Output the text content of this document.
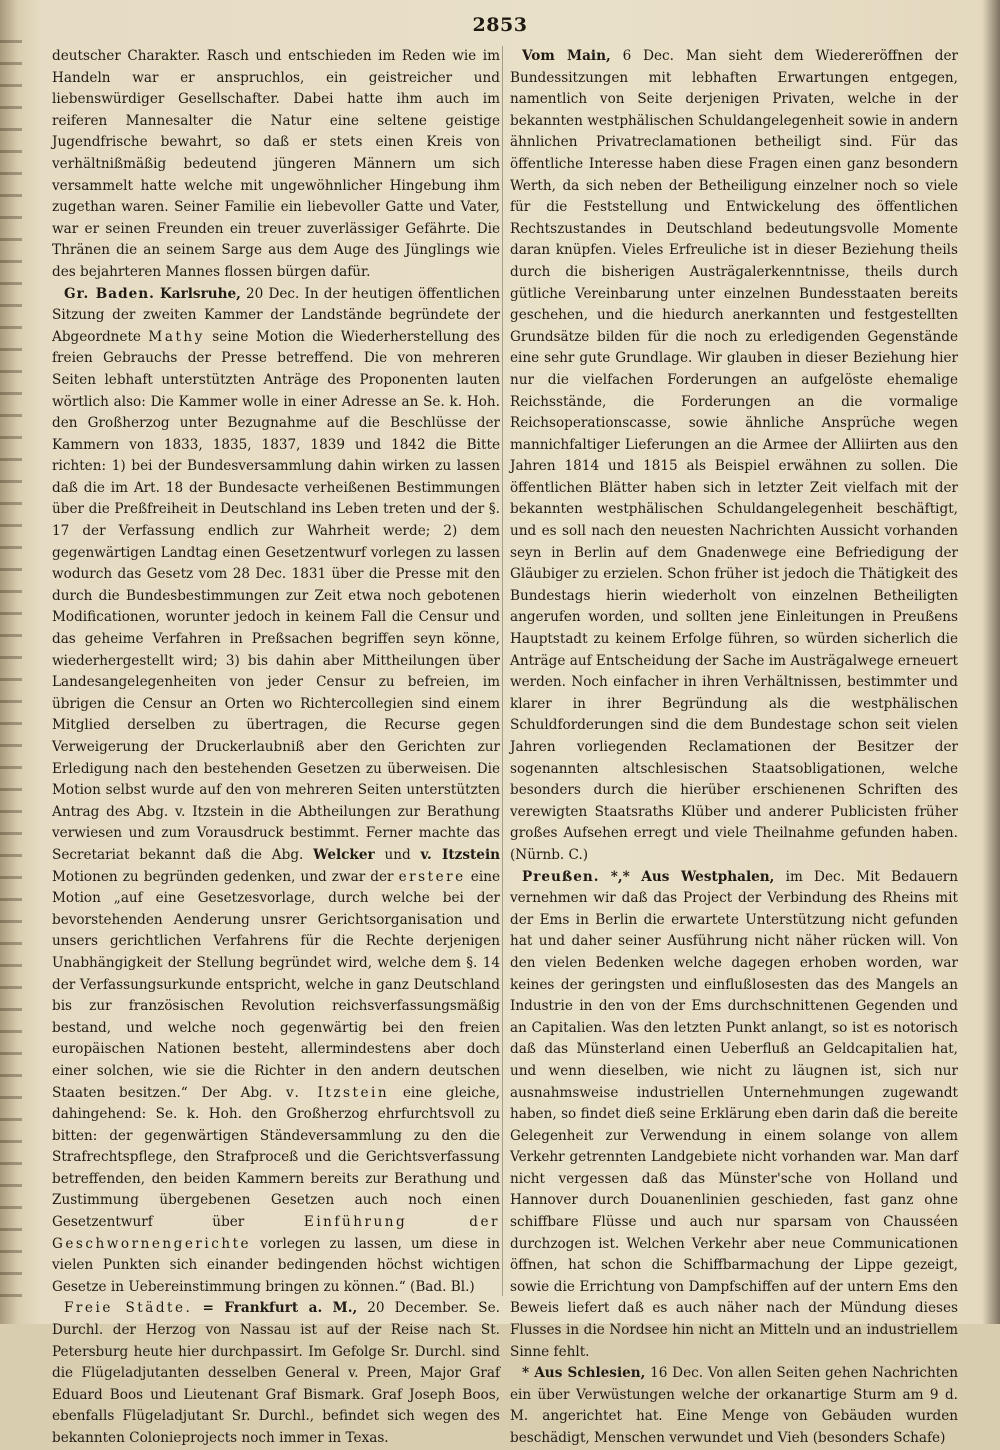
2853

deutscher Charakter. Rasch und entschieden im Reden wie im Handeln war er anspruchlos, ein geistreicher und liebenswürdiger Gesellschafter. Dabei hatte ihm auch im reiferen Mannesalter die Natur eine seltene geistige Jugendfrische bewahrt, so daß er stets einen Kreis von verhältnißmäßig bedeutend jüngeren Männern um sich versammelt hatte welche mit ungewöhnlicher Hingebung ihm zugethan waren. Seiner Familie ein liebevoller Gatte und Vater, war er seinen Freunden ein treuer zuverlässiger Gefährte. Die Thränen die an seinem Sarge aus dem Auge des Jünglings wie des bejahrteren Mannes flossen bürgen dafür.

Gr. Baden. Karlsruhe, 20 Dec. In der heutigen öffentlichen Sitzung der zweiten Kammer der Landstände begründete der Abgeordnete Mathy seine Motion die Wiederherstellung des freien Gebrauchs der Presse betreffend. Die von mehreren Seiten lebhaft unterstützten Anträge des Proponenten lauten wörtlich also: Die Kammer wolle in einer Adresse an Se. k. Hoh. den Großherzog unter Bezugnahme auf die Beschlüsse der Kammern von 1833, 1835, 1837, 1839 und 1842 die Bitte richten: 1) bei der Bundesversammlung dahin wirken zu lassen daß die im Art. 18 der Bundesacte verheißenen Bestimmungen über die Preßfreiheit in Deutschland ins Leben treten und der §. 17 der Verfassung endlich zur Wahrheit werde; 2) dem gegenwärtigen Landtag einen Gesetzentwurf vorlegen zu lassen wodurch das Gesetz vom 28 Dec. 1831 über die Presse mit den durch die Bundesbestimmungen zur Zeit etwa noch gebotenen Modificationen, worunter jedoch in keinem Fall die Censur und das geheime Verfahren in Preßsachen begriffen seyn könne, wiederhergestellt wird; 3) bis dahin aber Mittheilungen über Landesangelegenheiten von jeder Censur zu befreien, im übrigen die Censur an Orten wo Richtercollegien sind einem Mitglied derselben zu übertragen, die Recurse gegen Verweigerung der Druckerlaubniß aber den Gerichten zur Erledigung nach den bestehenden Gesetzen zu überweisen. Die Motion selbst wurde auf den von mehreren Seiten unterstützten Antrag des Abg. v. Itzstein in die Abtheilungen zur Berathung verwiesen und zum Vorausdruck bestimmt. Ferner machte das Secretariat bekannt daß die Abg. Welcker und v. Itzstein Motionen zu begründen gedenken, und zwar der erstere eine Motion „auf eine Gesetzesvorlage, durch welche bei der bevorstehenden Aenderung unsrer Gerichtsorganisation und unsers gerichtlichen Verfahrens für die Rechte derjenigen Unabhängigkeit der Stellung begründet wird, welche dem §. 14 der Verfassungsurkunde entspricht, welche in ganz Deutschland bis zur französischen Revolution reichsverfassungsmäßig bestand, und welche noch gegenwärtig bei den freien europäischen Nationen besteht, allermindestens aber doch einer solchen, wie sie die Richter in den andern deutschen Staaten besitzen.“ Der Abg. v. Itzstein eine gleiche, dahingehend: Se. k. Hoh. den Großherzog ehrfurchtsvoll zu bitten: der gegenwärtigen Ständeversammlung zu den die Strafrechtspflege, den Strafproceß und die Gerichtsverfassung betreffenden, den beiden Kammern bereits zur Berathung und Zustimmung übergebenen Gesetzen auch noch einen Gesetzentwurf über	Einführung der Geschwornengerichte vorlegen zu lassen, um diese in vielen Punkten sich einander bedingenden höchst wichtigen Gesetze in Uebereinstimmung bringen zu können.“ (Bad. Bl.)

Freie Städte. = Frankfurt a. M., 20 December. Se. Durchl. der Herzog von Nassau ist auf der Reise nach St. Petersburg heute hier durchpassirt. Im Gefolge Sr. Durchl. sind die Flügeladjutanten desselben General v. Preen, Major Graf Eduard Boos und Lieutenant Graf Bismark. Graf Joseph Boos, ebenfalls Flügeladjutant Sr. Durchl., befindet sich wegen des bekannten Colonieprojects noch immer in Texas.

Vom Main, 6 Dec. Man sieht dem Wiedereröffnen der Bundessitzungen mit lebhaften Erwartungen entgegen, namentlich von Seite derjenigen Privaten, welche in der bekannten westphälischen Schuldangelegenheit sowie in andern ähnlichen Privatreclamationen betheiligt sind. Für das öffentliche Interesse haben diese Fragen einen ganz besondern Werth, da sich neben der Betheiligung einzelner noch so viele für die Feststellung und Entwickelung des öffentlichen Rechtszustandes in Deutschland bedeutungsvolle Momente daran knüpfen. Vieles Erfreuliche ist in dieser Beziehung theils durch die bisherigen Austrägalerkenntnisse, theils durch gütliche Vereinbarung unter einzelnen Bundesstaaten bereits geschehen, und die hiedurch anerkannten und festgestellten Grundsätze bilden für die noch zu erledigenden Gegenstände eine sehr gute Grundlage. Wir glauben in dieser Beziehung hier nur die vielfachen Forderungen an aufgelöste ehemalige Reichsstände, die Forderungen an die vormalige Reichsoperationscasse, sowie ähnliche Ansprüche wegen mannichfaltiger Lieferungen an die Armee der Alliirten aus den Jahren 1814 und 1815 als Beispiel erwähnen zu sollen. Die öffentlichen Blätter haben sich in letzter Zeit vielfach mit der bekannten westphälischen Schuldangelegenheit beschäftigt, und es soll nach den neuesten Nachrichten Aussicht vorhanden seyn in Berlin auf dem Gnadenwege eine Befriedigung der Gläubiger zu erzielen. Schon früher ist jedoch die Thätigkeit des Bundestags hierin wiederholt von einzelnen Betheiligten angerufen worden, und sollten jene Einleitungen in Preußens Hauptstadt zu keinem Erfolge führen, so würden sicherlich die Anträge auf Entscheidung der Sache im Austrägalwege erneuert werden. Noch einfacher in ihren Verhältnissen, bestimmter und klarer in ihrer Begründung als die westphälischen Schuldforderungen sind die dem Bundestage schon seit vielen Jahren vorliegenden Reclamationen der Besitzer der sogenannten altschlesischen Staatsobligationen, welche besonders durch die hierüber erschienenen Schriften des verewigten Staatsraths Klüber und anderer Publicisten früher großes Aufsehen erregt und viele Theilnahme gefunden haben. (Nürnb. C.)

Preußen. *,* Aus Westphalen, im Dec. Mit Bedauern vernehmen wir daß das Project der Verbindung des Rheins mit der Ems in Berlin die erwartete Unterstützung nicht gefunden hat und daher seiner Ausführung nicht näher rücken will. Von den vielen Bedenken welche dagegen erhoben worden, war keines der geringsten und einflußlosesten das des Mangels an Industrie in den von der Ems durchschnittenen Gegenden und an Capitalien. Was den letzten Punkt anlangt, so ist es notorisch daß das Münsterland einen Ueberfluß an Geldcapitalien hat, und wenn dieselben, wie nicht zu läugnen ist, sich nur ausnahmsweise industriellen Unternehmungen zugewandt haben, so findet dieß seine Erklärung eben darin daß die bereite Gelegenheit zur Verwendung in einem solange von allem Verkehr getrennten Landgebiete nicht vorhanden war. Man darf nicht vergessen daß das Münster'sche von Holland und Hannover durch Douanenlinien geschieden, fast ganz ohne schiffbare Flüsse und auch nur sparsam von Chausséen durchzogen ist. Welchen Verkehr aber neue Communicationen öffnen, hat schon die Schiffbarmachung der Lippe gezeigt, sowie die Errichtung von Dampfschiffen auf der untern Ems den Beweis liefert daß es auch näher nach der Mündung dieses Flusses in die Nordsee hin nicht an Mitteln und an industriellem Sinne fehlt.

* Aus Schlesien, 16 Dec. Von allen Seiten gehen Nachrichten ein über Verwüstungen welche der orkanartige Sturm am 9 d. M. angerichtet hat. Eine Menge von Gebäuden wurden beschädigt, Menschen verwundet und Vieh (besonders Schafe)
